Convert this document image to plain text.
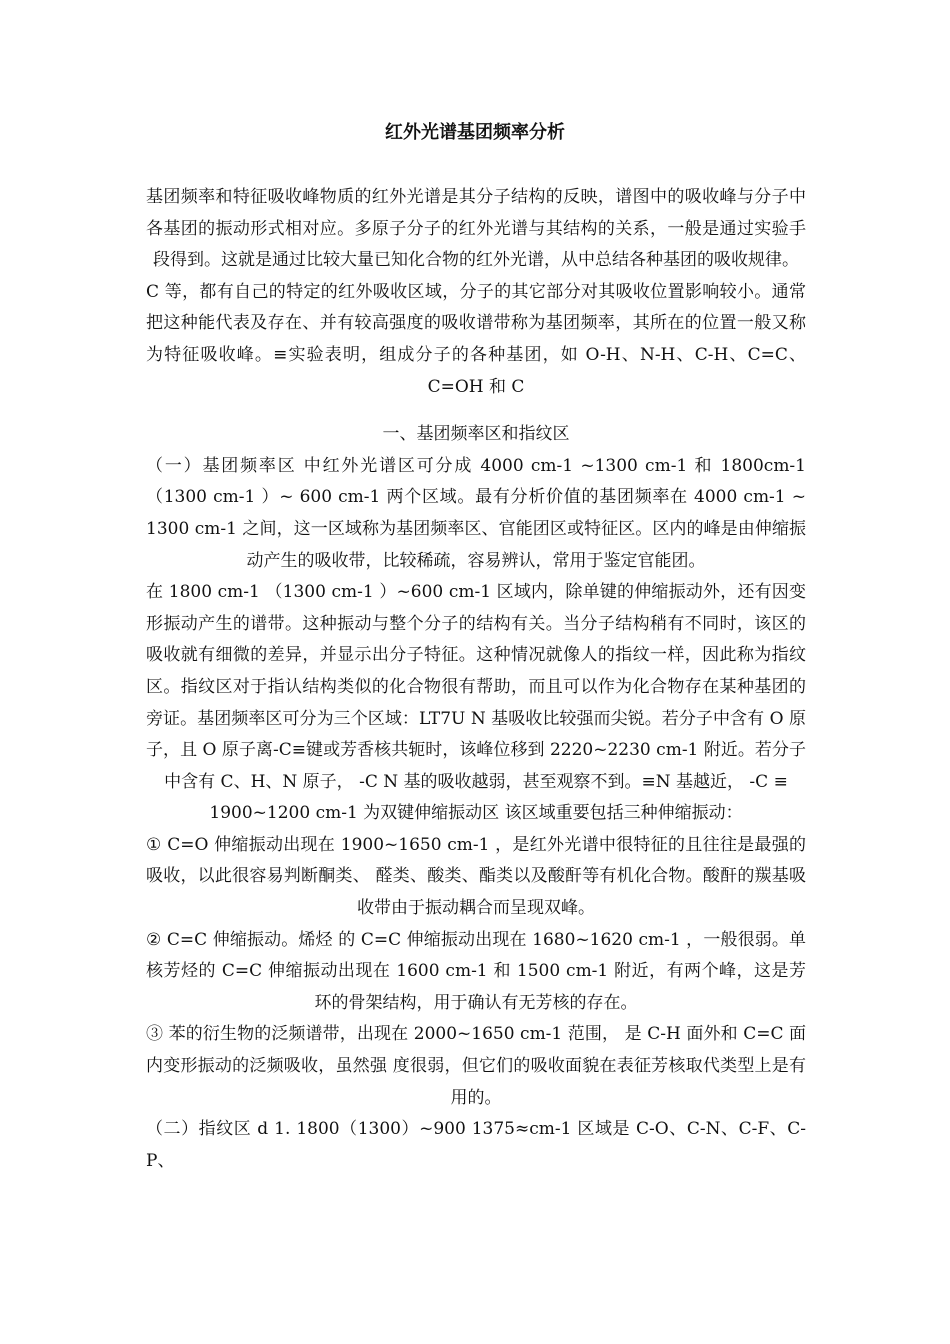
红外光谱基团频率分析

基团频率和特征吸收峰物质的红外光谱是其分子结构的反映，谱图中的吸收峰与分子中各基团的振动形式相对应。多原子分子的红外光谱与其结构的关系，一般是通过实验手段得到。这就是通过比较大量已知化合物的红外光谱，从中总结各种基团的吸收规律。

C 等，都有自己的特定的红外吸收区域，分子的其它部分对其吸收位置影响较小。通常把这种能代表及存在、并有较高强度的吸收谱带称为基团频率，其所在的位置一般又称为特征吸收峰。≡实验表明，组成分子的各种基团，如 O-H、N-H、C-H、C=C、C=OH 和 C

一、基团频率区和指纹区

（一）基团频率区 中红外光谱区可分成 4000 cm-1 ~1300 cm-1 和 1800cm-1 （1300 cm-1 ）~ 600 cm-1 两个区域。最有分析价值的基团频率在 4000 cm-1 ~ 1300 cm-1 之间，这一区域称为基团频率区、官能团区或特征区。区内的峰是由伸缩振动产生的吸收带，比较稀疏，容易辨认，常用于鉴定官能团。

在 1800 cm-1 （1300 cm-1 ）~600 cm-1 区域内，除单键的伸缩振动外，还有因变形振动产生的谱带。这种振动与整个分子的结构有关。当分子结构稍有不同时，该区的吸收就有细微的差异，并显示出分子特征。这种情况就像人的指纹一样，因此称为指纹区。指纹区对于指认结构类似的化合物很有帮助，而且可以作为化合物存在某种基团的旁证。基团频率区可分为三个区域：LT7U N 基吸收比较强而尖锐。若分子中含有 O 原子，且 O 原子离-C≡键或芳香核共轭时，该峰位移到 2220~2230 cm-1 附近。若分子中含有 C、H、N 原子， -C N 基的吸收越弱，甚至观察不到。≡N 基越近， -C ≡

1900~1200 cm-1 为双键伸缩振动区 该区域重要包括三种伸缩振动：

① C=O 伸缩振动出现在 1900~1650 cm-1 ，是红外光谱中很特征的且往往是最强的吸收，以此很容易判断酮类、 醛类、酸类、酯类以及酸酐等有机化合物。酸酐的羰基吸收带由于振动耦合而呈现双峰。

② C=C 伸缩振动。烯烃 的 C=C 伸缩振动出现在 1680~1620 cm-1 ，一般很弱。单核芳烃的 C=C 伸缩振动出现在 1600 cm-1 和 1500 cm-1 附近，有两个峰，这是芳环的骨架结构，用于确认有无芳核的存在。

③ 苯的衍生物的泛频谱带，出现在 2000~1650 cm-1 范围， 是 C-H 面外和 C=C 面内变形振动的泛频吸收，虽然强 度很弱，但它们的吸收面貌在表征芳核取代类型上是有用的。

（二）指纹区 d 1. 1800（1300）~900 1375≈cm-1 区域是 C-O、C-N、C-F、C-P、
